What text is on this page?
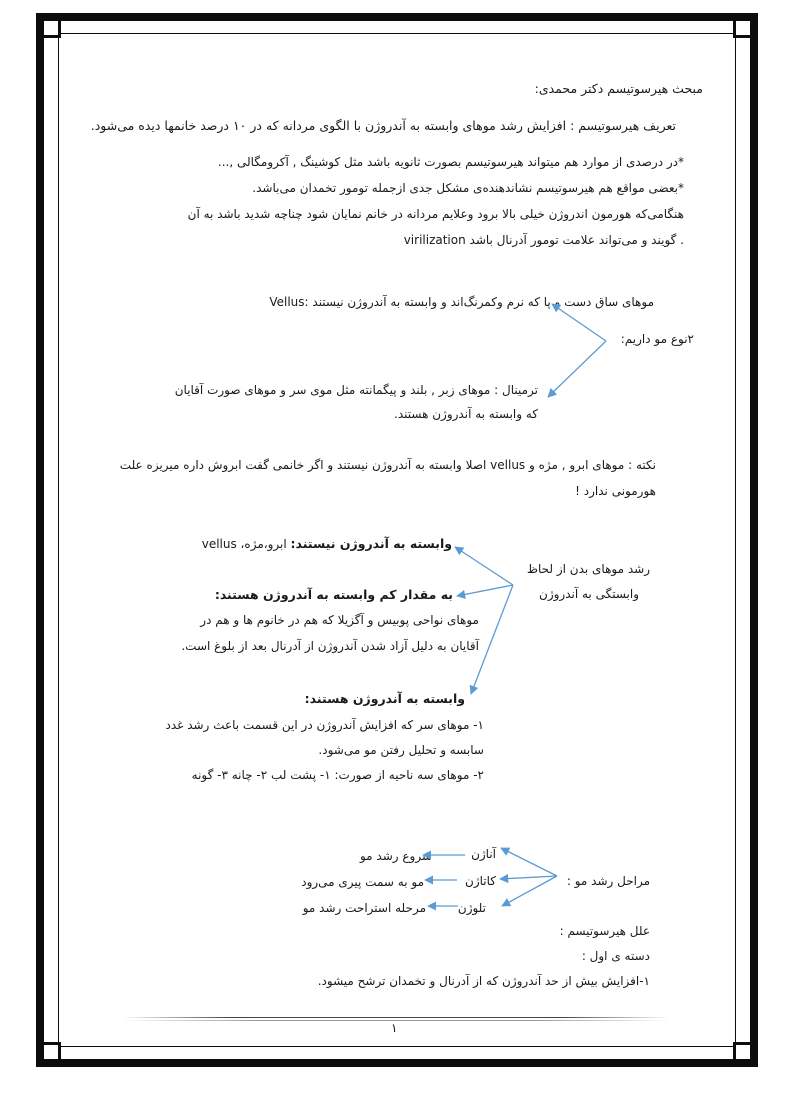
مبحث هیرسوتیسم دکتر محمدی:
تعریف هیرسوتیسم : افزایش رشد موهای وابسته به آندروژن با الگوی مردانه که در ۱۰ درصد خانمها دیده می‌شود.
*در درصدی از موارد هم میتواند هیرسوتیسم بصورت ثانویه باشد مثل کوشینگ , آکرومگالی ,...
*بعضی مواقع هم هیرسوتیسم نشاندهنده‌ی مشکل جدی ازجمله تومور تخمدان می‌باشد.
هنگامی‌که هورمون اندروژن خیلی بالا برود وعلایم مردانه در خانم نمایان شود چناچه شدید باشد به آن
virilization گویند و می‌تواند علامت تومور آدرنال باشد .
Vellus: موهای ساق دست و پا که نرم وکمرنگ‌اند و وابسته به آندروژن نیستند
۲نوع مو داریم:
ترمینال : موهای زبر , بلند و پیگمانته مثل موی سر و موهای صورت آقایان
که وابسته به آندروژن هستند.
نکته : موهای ابرو , مژه و vellus اصلا وابسته به آندروژن نیستند و اگر خانمی گفت ابروش داره میریزه علت
هورمونی ندارد !
وابسته به آندروژن نیستند: ابرو،مژه، vellus
رشد موهای بدن از لحاظ
وابستگی به آندروژن
به مقدار کم وابسته به آندروژن هستند:
موهای نواحی پوبیس و آگزیلا که هم در خانوم ها و هم در
آقایان به دلیل آزاد شدن آندروژن از آدرنال بعد از بلوغ است.
وابسته به آندروژن هستند:
۱- موهای سر که افزایش آندروژن در این قسمت باعث رشد غدد
سابسه و تحلیل رفتن مو می‌شود.
۲- موهای سه ناحیه از صورت: ۱- پشت لب ۲- چانه ۳- گونه
مراحل رشد مو :
آناژن
کاتاژن
تلوژن
شروع رشد مو
مو به سمت پیری می‌رود
مرحله استراحت رشد مو
علل هیرسوتیسم :
دسته ی اول :
۱-افزایش بیش از حد آندروژن که از آدرنال و تخمدان ترشح میشود.
۱
